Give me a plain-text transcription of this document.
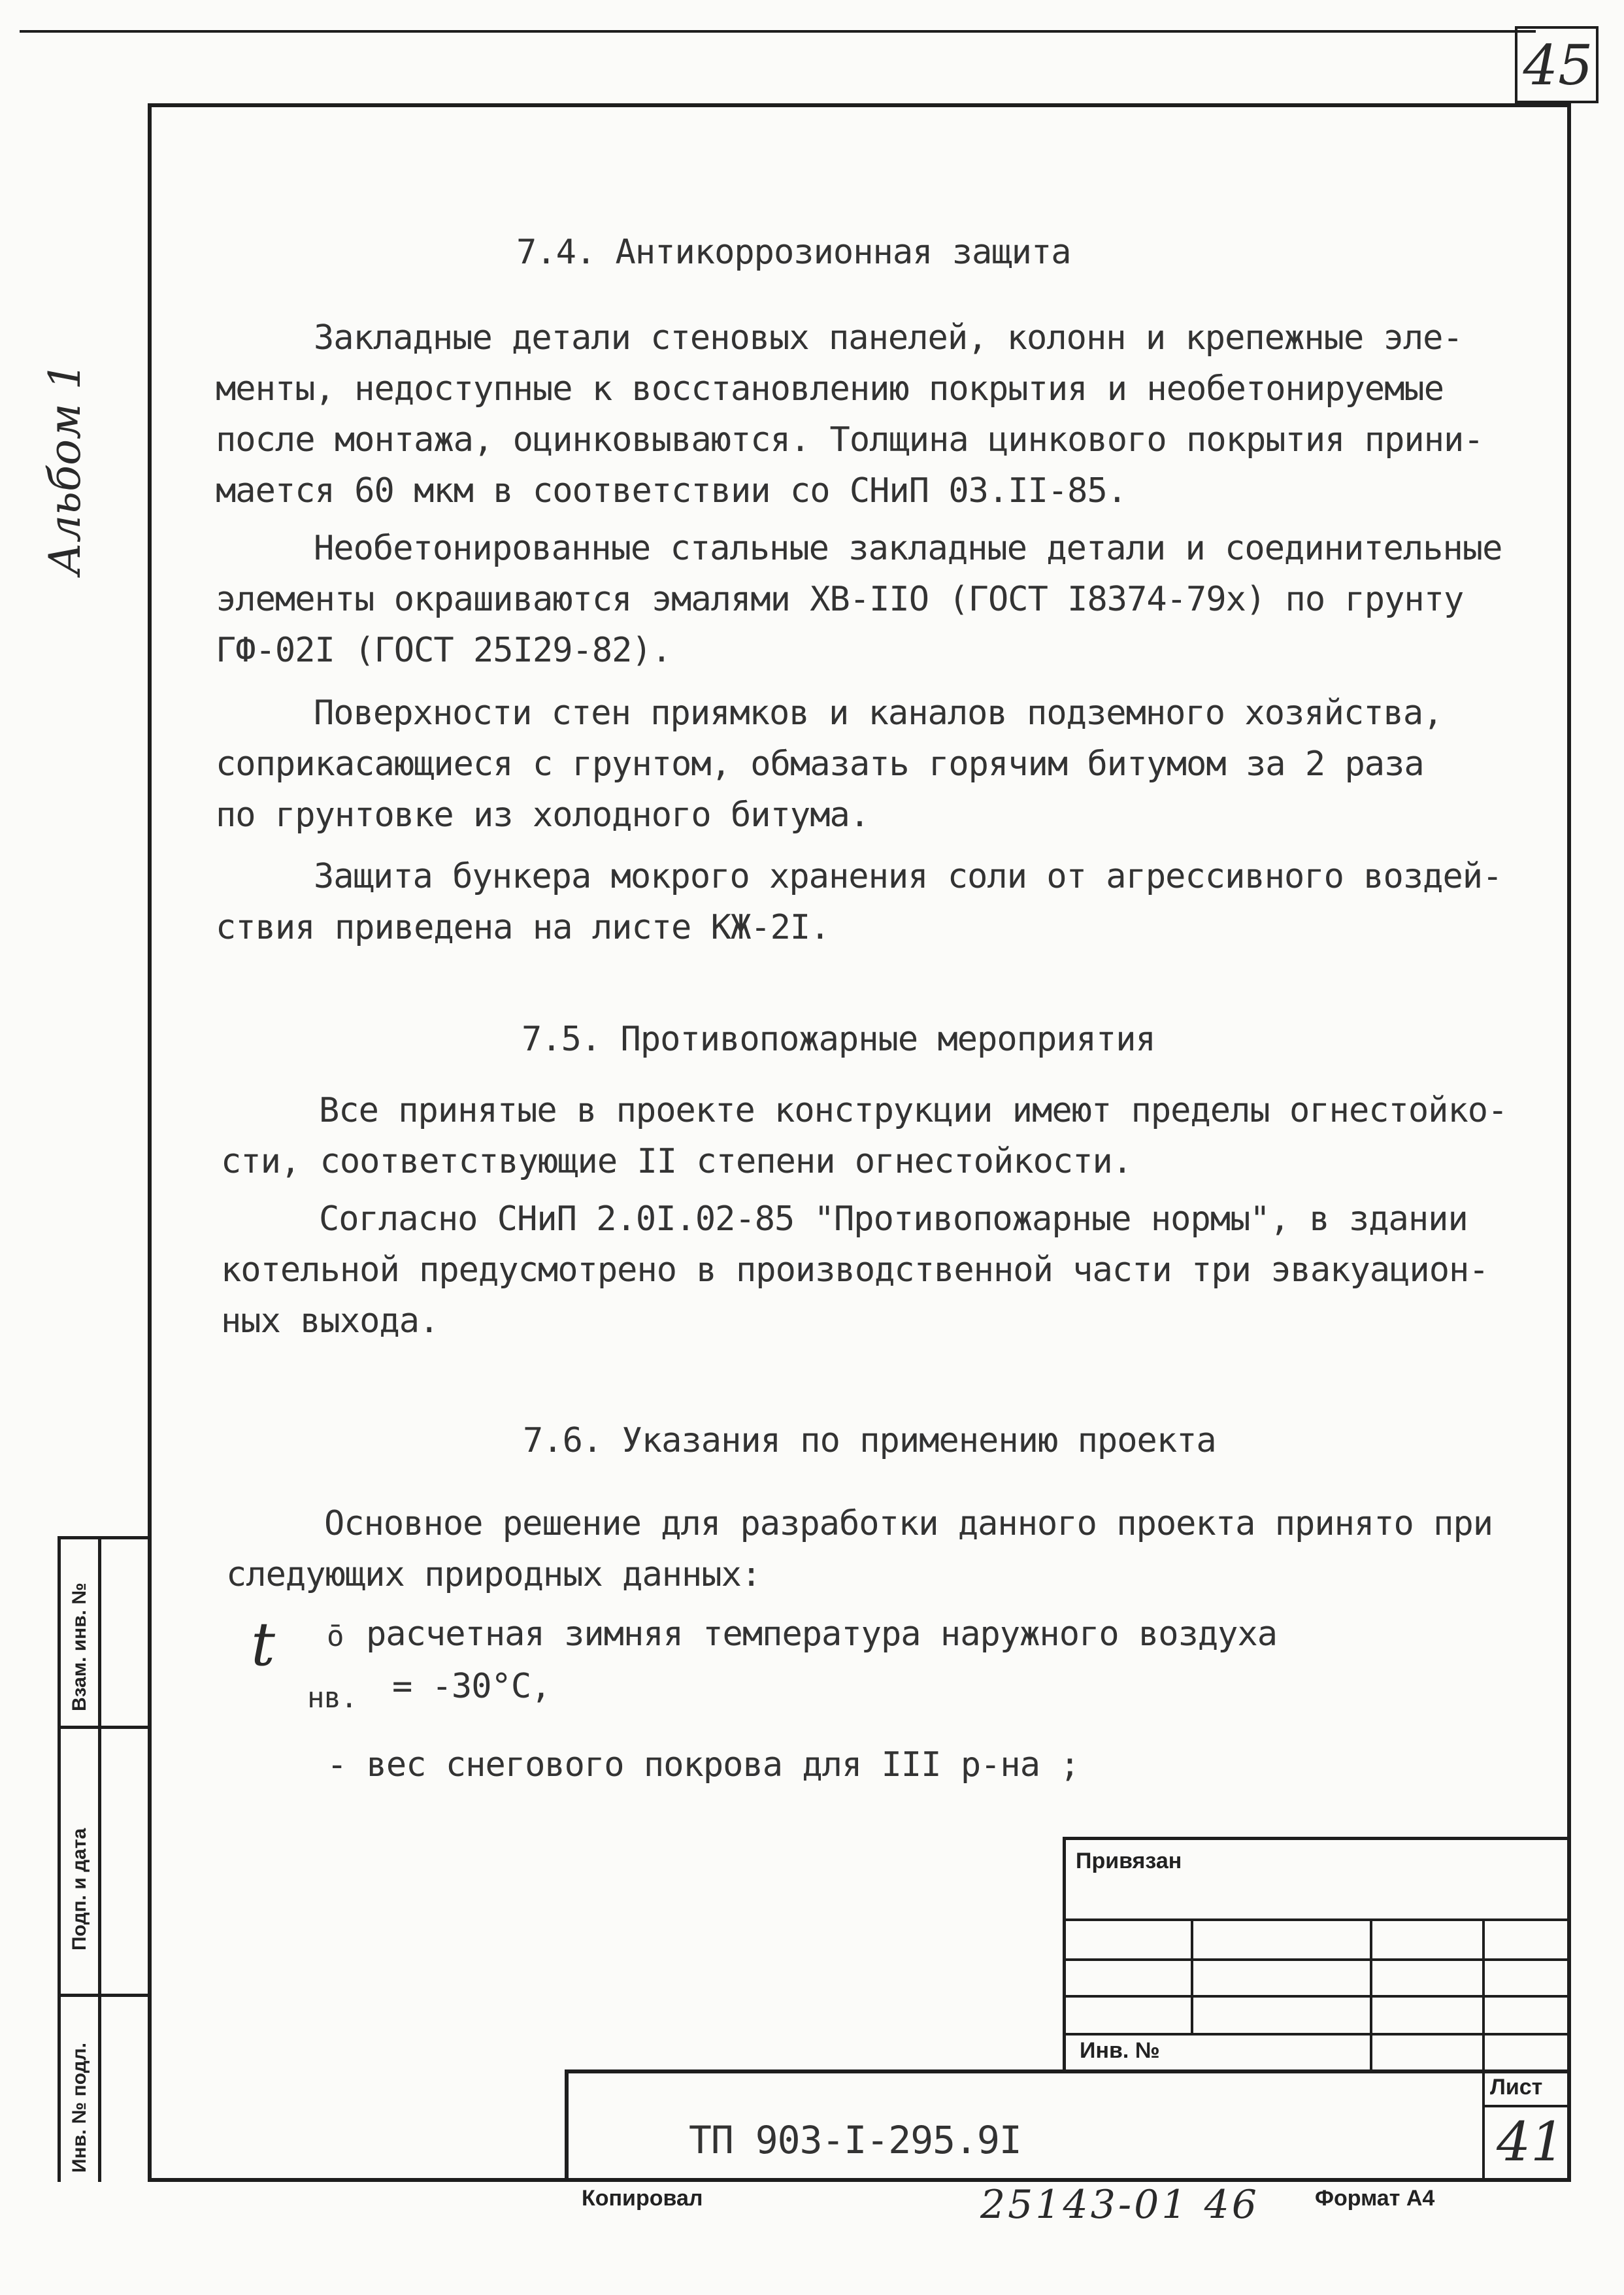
45
Альбом 1
7.4. Антикоррозионная защита
Закладные детали стеновых панелей, колонн и крепежные эле-
менты, недоступные к восстановлению покрытия и необетонируемые
после монтажа, оцинковываются. Толщина цинкового покрытия прини-
мается 60 мкм в соответствии со СНиП 03.II-85.
Необетонированные стальные закладные детали и соединительные
элементы окрашиваются эмалями ХВ-IIO (ГОСТ I8374-79х) по грунту
ГФ-02I (ГОСТ 25I29-82).
Поверхности стен приямков и каналов подземного хозяйства,
соприкасающиеся с грунтом, обмазать горячим битумом за 2 раза
по грунтовке из холодного битума.
Защита бункера мокрого хранения соли от агрессивного воздей-
ствия приведена на листе КЖ-2I.
7.5. Противопожарные мероприятия
Все принятые в проекте конструкции имеют пределы огнестойко-
сти, соответствующие II степени огнестойкости.
Согласно СНиП 2.0I.02-85 "Противопожарные нормы", в здании
котельной предусмотрено в производственной части три эвакуацион-
ных выхода.
7.6. Указания по применению проекта
Основное решение для разработки данного проекта принято при
следующих природных данных:
t ō
нв.
расчетная зимняя температура наружного воздуха
= -30°С,
- вес снегового покрова для III р-на ;
Взам. инв. №
Подп. и дата
Инв. № подл.
Привязан
Инв. №
Лист
41
ТП 903-I-295.9I
Копировал	25143-01 46	Формат А4
